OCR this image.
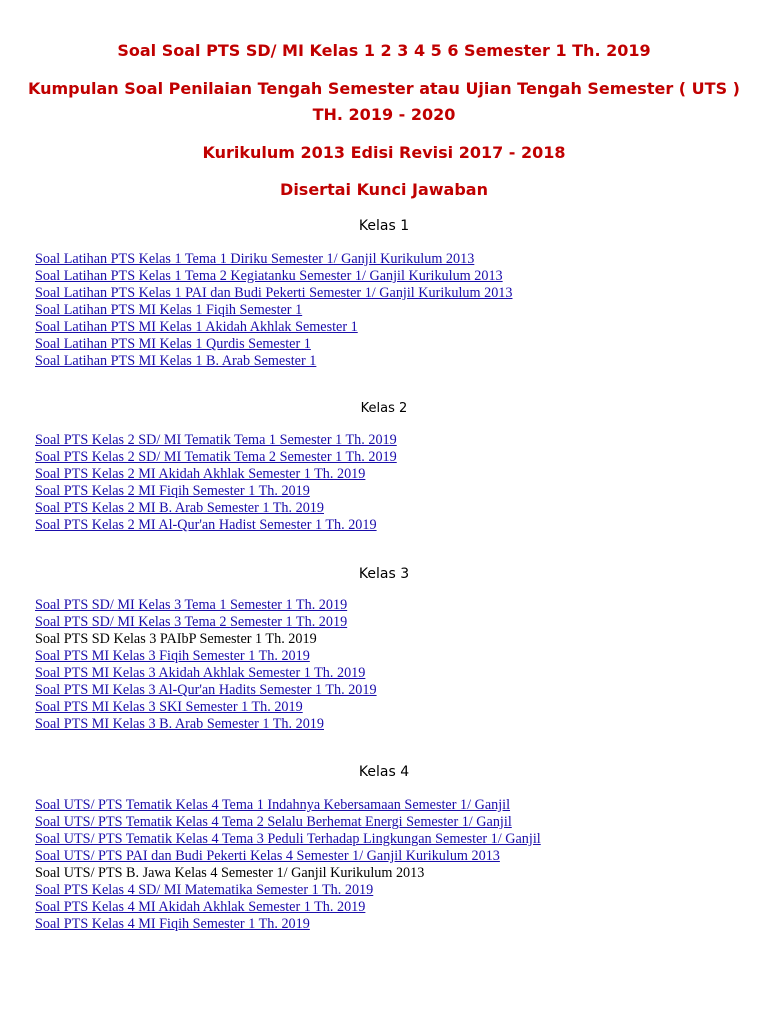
Soal Soal PTS SD/ MI Kelas 1 2 3 4 5 6 Semester 1 Th. 2019
Kumpulan Soal Penilaian Tengah Semester atau Ujian Tengah Semester ( UTS )
TH. 2019 - 2020
Kurikulum 2013 Edisi Revisi 2017 - 2018
Disertai Kunci Jawaban
Kelas 1
Soal Latihan PTS Kelas 1 Tema 1 Diriku Semester 1/ Ganjil Kurikulum 2013
Soal Latihan PTS Kelas 1 Tema 2 Kegiatanku Semester 1/ Ganjil Kurikulum 2013
Soal Latihan PTS Kelas 1 PAI dan Budi Pekerti Semester 1/ Ganjil Kurikulum 2013
Soal Latihan PTS MI Kelas 1 Fiqih Semester 1
Soal Latihan PTS MI Kelas 1 Akidah Akhlak Semester 1
Soal Latihan PTS MI Kelas 1 Qurdis Semester 1
Soal Latihan PTS MI Kelas 1 B. Arab Semester 1
Kelas 2
Soal PTS Kelas 2 SD/ MI Tematik Tema 1 Semester 1 Th. 2019
Soal PTS Kelas 2 SD/ MI Tematik Tema 2 Semester 1 Th. 2019
Soal PTS Kelas 2 MI Akidah Akhlak Semester 1 Th. 2019
Soal PTS Kelas 2 MI Fiqih Semester 1 Th. 2019
Soal PTS Kelas 2 MI B. Arab Semester 1 Th. 2019
Soal PTS Kelas 2 MI Al-Qur'an Hadist Semester 1 Th. 2019
Kelas 3
Soal PTS SD/ MI Kelas 3 Tema 1 Semester 1 Th. 2019
Soal PTS SD/ MI Kelas 3 Tema 2 Semester 1 Th. 2019
Soal PTS SD Kelas 3 PAIbP Semester 1 Th. 2019
Soal PTS MI Kelas 3 Fiqih Semester 1 Th. 2019
Soal PTS MI Kelas 3 Akidah Akhlak Semester 1 Th. 2019
Soal PTS MI Kelas 3 Al-Qur'an Hadits Semester 1 Th. 2019
Soal PTS MI Kelas 3 SKI Semester 1 Th. 2019
Soal PTS MI Kelas 3 B. Arab Semester 1 Th. 2019
Kelas 4
Soal UTS/ PTS Tematik Kelas 4 Tema 1 Indahnya Kebersamaan Semester 1/ Ganjil
Soal UTS/ PTS Tematik Kelas 4 Tema 2 Selalu Berhemat Energi Semester 1/ Ganjil
Soal UTS/ PTS Tematik Kelas 4 Tema 3 Peduli Terhadap Lingkungan Semester 1/ Ganjil
Soal UTS/ PTS PAI dan Budi Pekerti Kelas 4 Semester 1/ Ganjil Kurikulum 2013
Soal UTS/ PTS B. Jawa Kelas 4 Semester 1/ Ganjil Kurikulum 2013
Soal PTS Kelas 4 SD/ MI Matematika Semester 1 Th. 2019
Soal PTS Kelas 4 MI Akidah Akhlak Semester 1 Th. 2019
Soal PTS Kelas 4 MI Fiqih Semester 1 Th. 2019
